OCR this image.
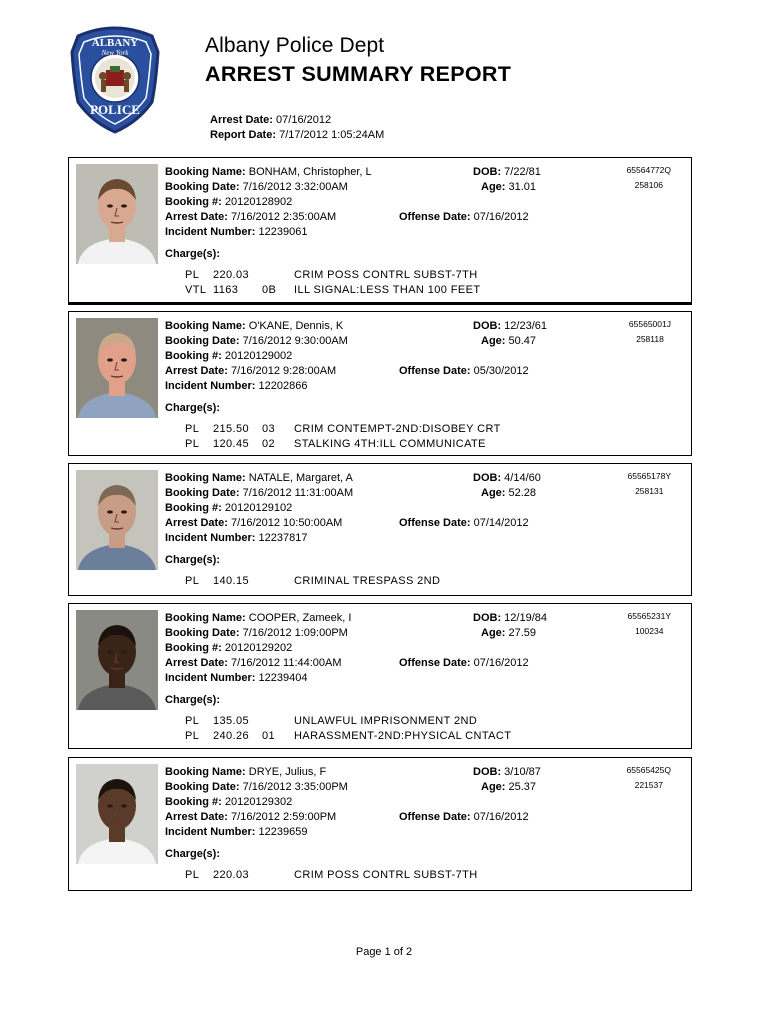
ALBANY
New York
POLICE
Albany Police Dept
ARREST SUMMARY REPORT
Arrest Date: 07/16/2012
Report Date: 7/17/2012 1:05:24AM
Booking Name: BONHAM, Christopher, L
Booking Date: 7/16/2012 3:32:00AM
Booking #: 20120128902
Arrest Date: 7/16/2012 2:35:00AM
Incident Number: 12239061
DOB: 7/22/81
Age: 31.01
Offense Date: 07/16/2012
65564772Q
258106
Charge(s):
PL 220.03	CRIM POSS CONTRL SUBST-7TH
VTL 1163 0B ILL SIGNAL:LESS THAN 100 FEET
Booking Name: O'KANE, Dennis, K
Booking Date: 7/16/2012 9:30:00AM
Booking #: 20120129002
Arrest Date: 7/16/2012 9:28:00AM
Incident Number: 12202866
DOB: 12/23/61
Age: 50.47
Offense Date: 05/30/2012
65565001J
258118
Charge(s):
PL 215.50 03 CRIM CONTEMPT-2ND:DISOBEY CRT
PL 120.45 02 STALKING 4TH:ILL COMMUNICATE
Booking Name: NATALE, Margaret, A
Booking Date: 7/16/2012 11:31:00AM
Booking #: 20120129102
Arrest Date: 7/16/2012 10:50:00AM
Incident Number: 12237817
DOB: 4/14/60
Age: 52.28
Offense Date: 07/14/2012
65565178Y
258131
Charge(s):
PL 140.15	CRIMINAL TRESPASS 2ND
Booking Name: COOPER, Zameek, I
Booking Date: 7/16/2012 1:09:00PM
Booking #: 20120129202
Arrest Date: 7/16/2012 11:44:00AM
Incident Number: 12239404
DOB: 12/19/84
Age: 27.59
Offense Date: 07/16/2012
65565231Y
100234
Charge(s):
PL 135.05	UNLAWFUL IMPRISONMENT 2ND
PL 240.26 01 HARASSMENT-2ND:PHYSICAL CNTACT
Booking Name: DRYE, Julius, F
Booking Date: 7/16/2012 3:35:00PM
Booking #: 20120129302
Arrest Date: 7/16/2012 2:59:00PM
Incident Number: 12239659
DOB: 3/10/87
Age: 25.37
Offense Date: 07/16/2012
65565425Q
221537
Charge(s):
PL 220.03	CRIM POSS CONTRL SUBST-7TH
Page 1 of 2
